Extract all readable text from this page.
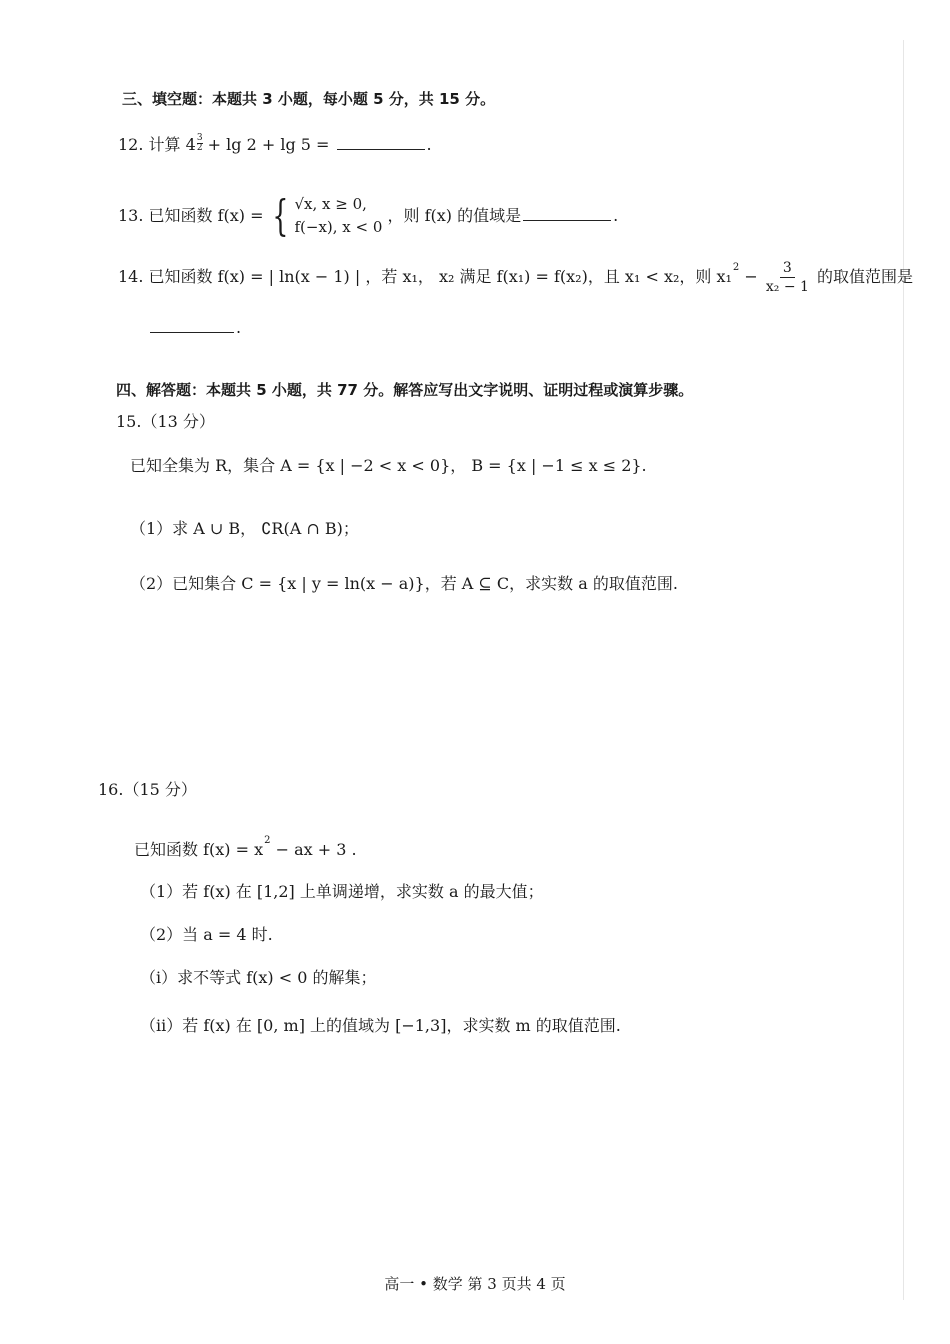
三、填空题：本题共 3 小题，每小题 5 分，共 15 分。
12. 计算 $4 \frac{3}{2} + \lg 2 + \lg 5$ =	.
13. 已知函数 f(x) = { √x, x ≥ 0,
f(−x), x < 0
，则 f(x) 的值域是	.
14. 已知函数 f(x) = | ln(x − 1) | ，若 x₁， x₂ 满足 f(x₁) = f(x₂)，且 x₁ < x₂，则 $x_1^2 - \frac{3}{\text{x₂ − 1}}$ 的取值范围是
.
四、解答题：本题共 5 小题，共 77 分。解答应写出文字说明、证明过程或演算步骤。
15.（13 分）
已知全集为 R，集合 A = {x | −2 < x < 0}， B = {x | −1 ≤ x ≤ 2}.
（1）求 A ∪ B， ∁R(A ∩ B)；
（2）已知集合 C = {x | y = ln(x − a)}，若 A ⊆ C，求实数 a 的取值范围.
16.（15 分）
已知函数 $f(x) = x^2$ − ax + 3 .
（1）若 f(x) 在 [1,2] 上单调递增，求实数 a 的最大值；
（2）当 a = 4 时.
（i）求不等式 f(x) < 0 的解集；
（ii）若 f(x) 在 [0, m] 上的值域为 [−1,3]，求实数 m 的取值范围.
高一 • 数学 第 3 页共 4 页
